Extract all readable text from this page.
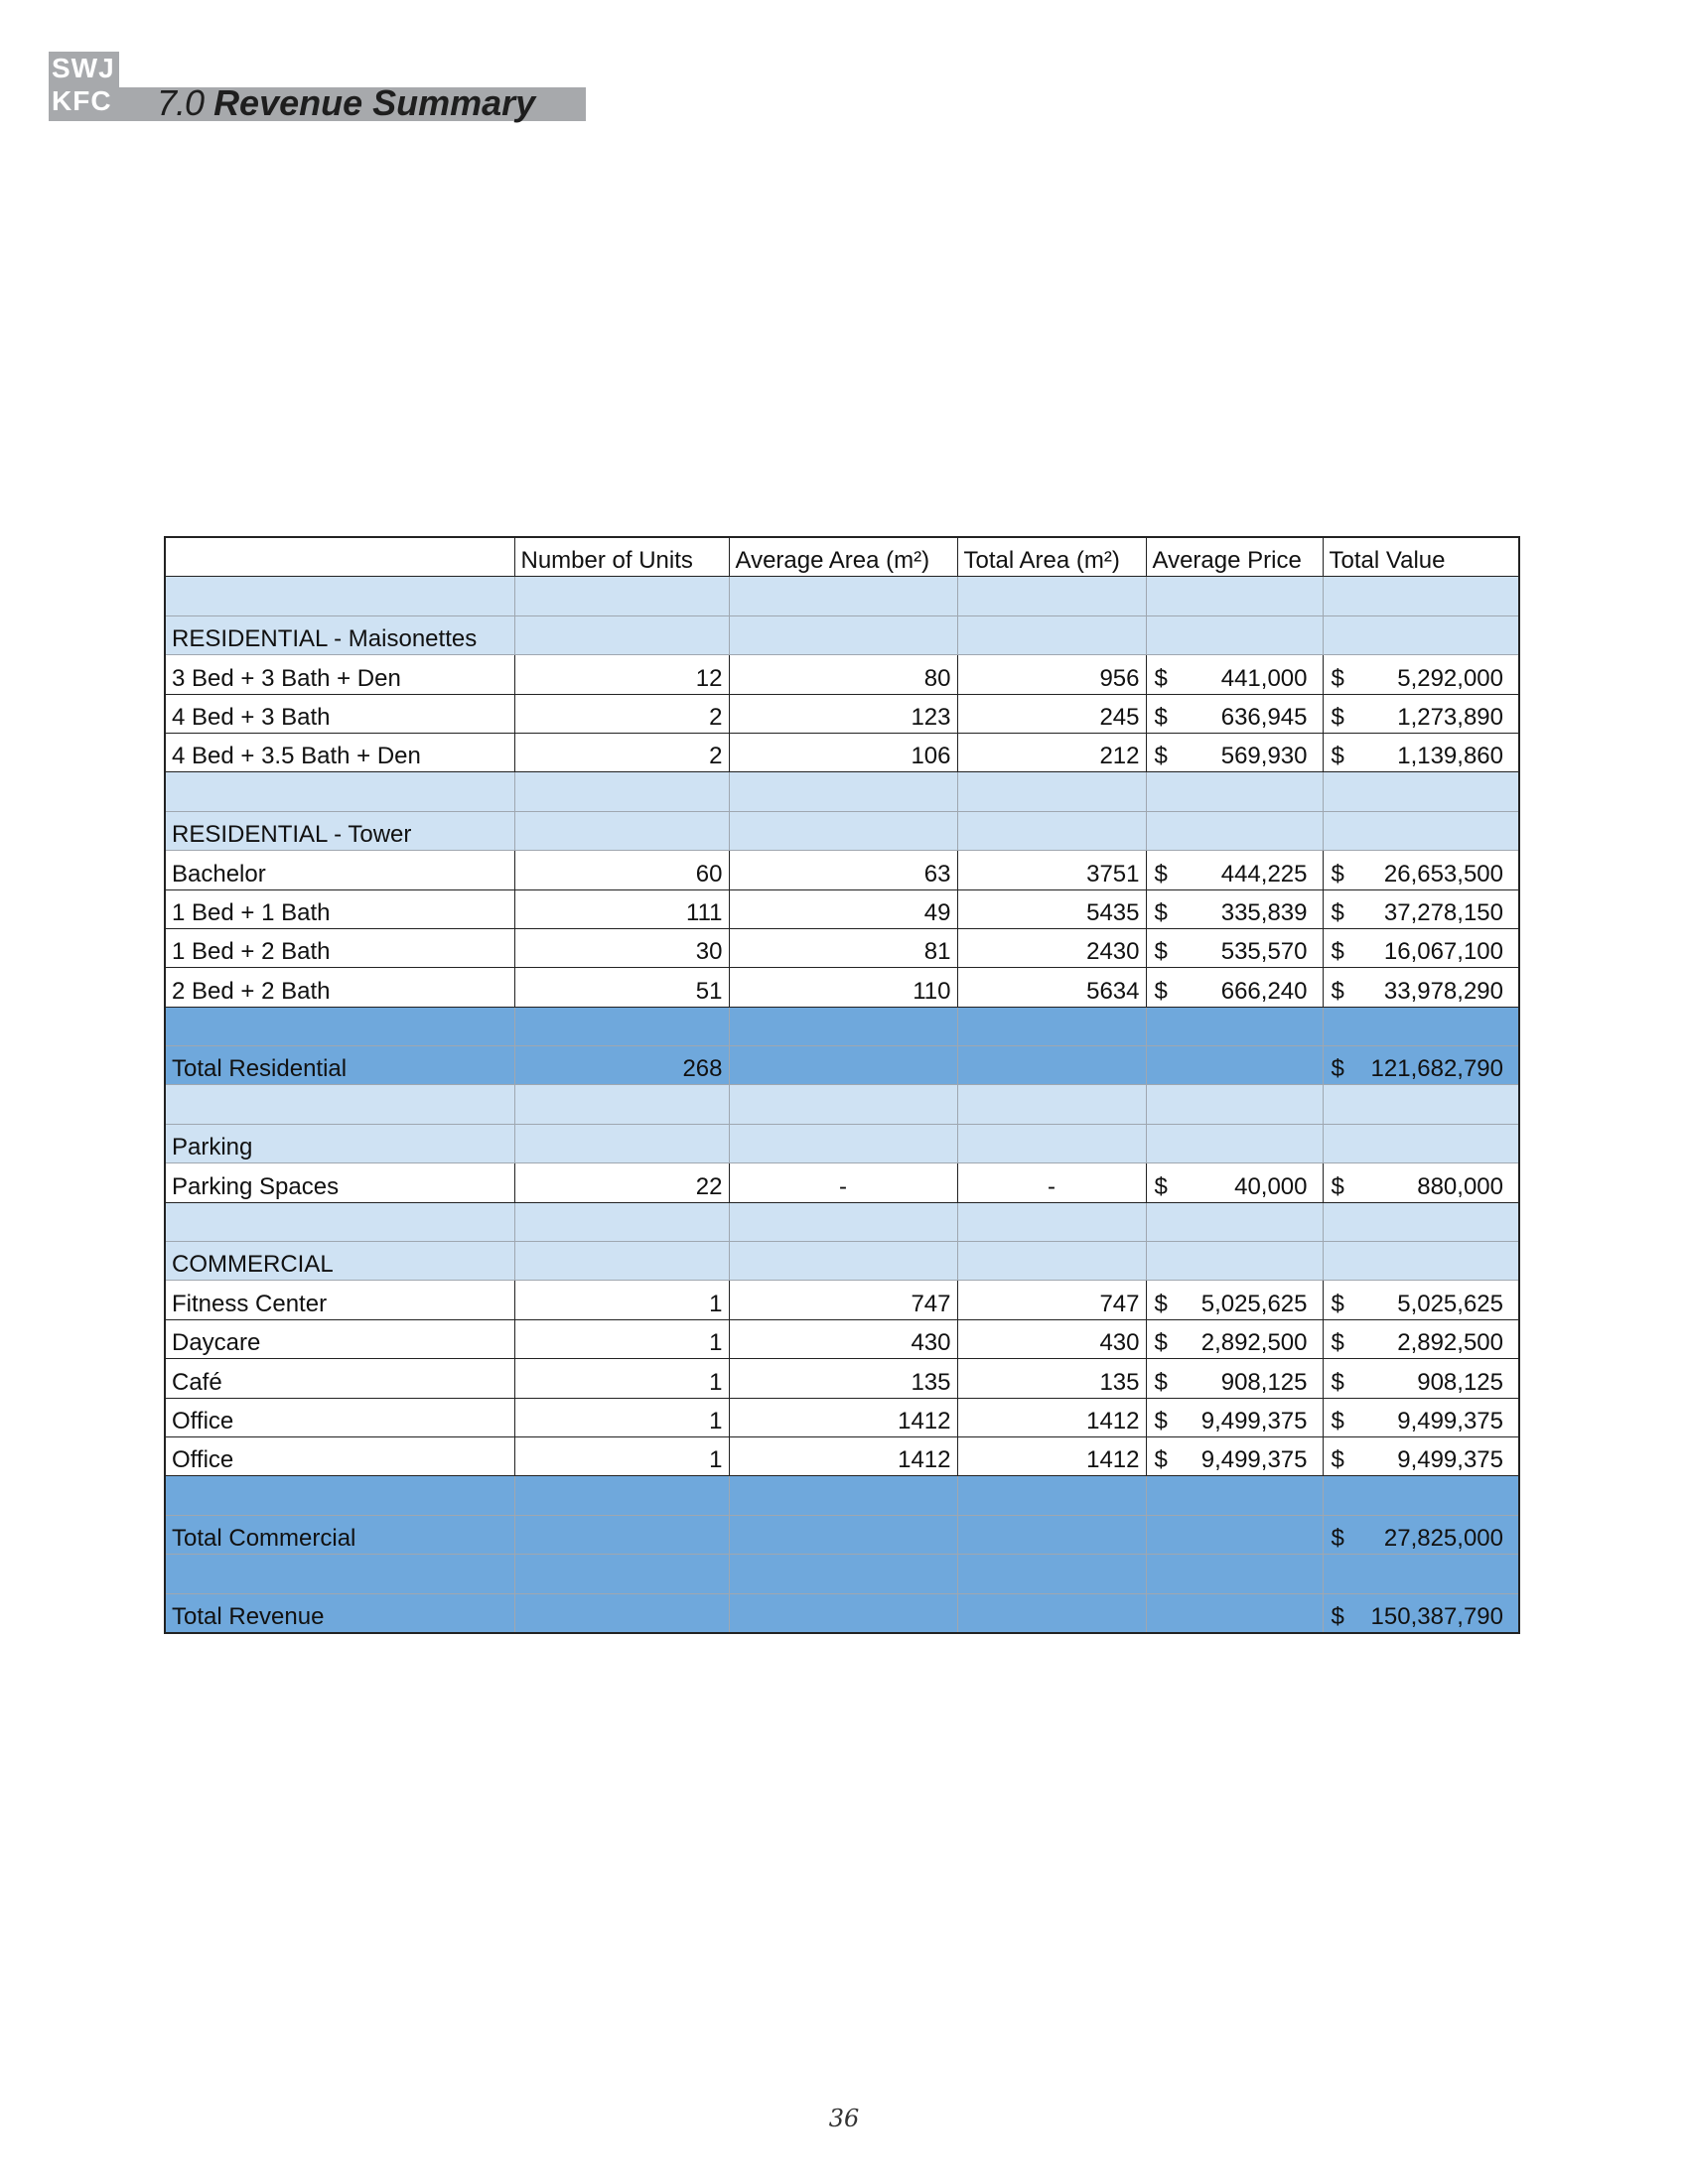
SWJ
KFC 7.0 Revenue Summary
	Number of Units	Average Area (m²)	Total Area (m²)	Average Price	Total Value

RESIDENTIAL - Maisonettes					
3 Bed + 3 Bath + Den	12	80	956	$ 441,000	$ 5,292,000

4 Bed + 3 Bath	2	123	245	$ 636,945	$ 1,273,890

4 Bed + 3.5 Bath + Den	2	106	212	$ 569,930	$ 1,139,860

RESIDENTIAL - Tower					
Bachelor	60	63	3751	$ 444,225	$ 26,653,500

1 Bed + 1 Bath	111	49	5435	$ 335,839	$ 37,278,150

1 Bed + 2 Bath	30	81	2430	$ 535,570	$ 16,067,100

2 Bed + 2 Bath	51	110	5634	$ 666,240	$ 33,978,290

Total Residential	268				$ 121,682,790

Parking					
Parking Spaces	22	-	-	$ 40,000	$ 880,000

COMMERCIAL					
Fitness Center	1	747	747	$ 5,025,625	$ 5,025,625

Daycare	1	430	430	$ 2,892,500	$ 2,892,500

Café	1	135	135	$ 908,125	$ 908,125

Office	1	1412	1412	$ 9,499,375	$ 9,499,375

Office	1	1412	1412	$ 9,499,375	$ 9,499,375

Total Commercial					$ 27,825,000

Total Revenue					$ 150,387,790
36
